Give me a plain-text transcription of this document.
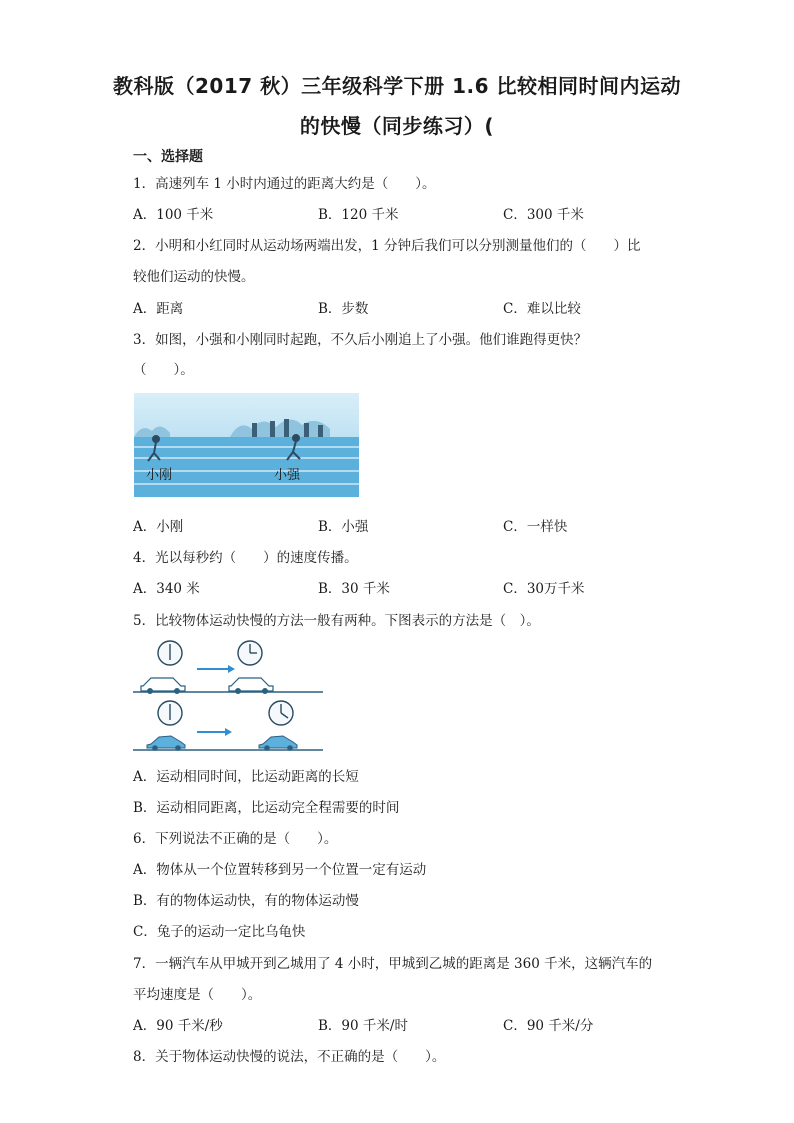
教科版（2017 秋）三年级科学下册 1.6 比较相同时间内运动
的快慢（同步练习）(
一、选择题
1．高速列车 1 小时内通过的距离大约是（　　）。
A．100 千米	B．120 千米	C．300 千米
2．小明和小红同时从运动场两端出发，1 分钟后我们可以分别测量他们的（　　）比
较他们运动的快慢。
A．距离	B．步数	C．难以比较
3．如图，小强和小刚同时起跑，不久后小刚追上了小强。他们谁跑得更快？
（　　）。
小刚	小强
A．小刚	B．小强	C．一样快
4．光以每秒约（　　）的速度传播。
A．340 米	B．30 千米	C．30万千米
5．比较物体运动快慢的方法一般有两种。下图表示的方法是（　）。
A．运动相同时间，比运动距离的长短
B．运动相同距离，比运动完全程需要的时间
6．下列说法不正确的是（　　）。
A．物体从一个位置转移到另一个位置一定有运动
B．有的物体运动快，有的物体运动慢
C．兔子的运动一定比乌龟快
7．一辆汽车从甲城开到乙城用了 4 小时，甲城到乙城的距离是 360 千米，这辆汽车的
平均速度是（　　）。
A．90 千米/秒	B．90 千米/时	C．90 千米/分
8．关于物体运动快慢的说法，不正确的是（　　）。
